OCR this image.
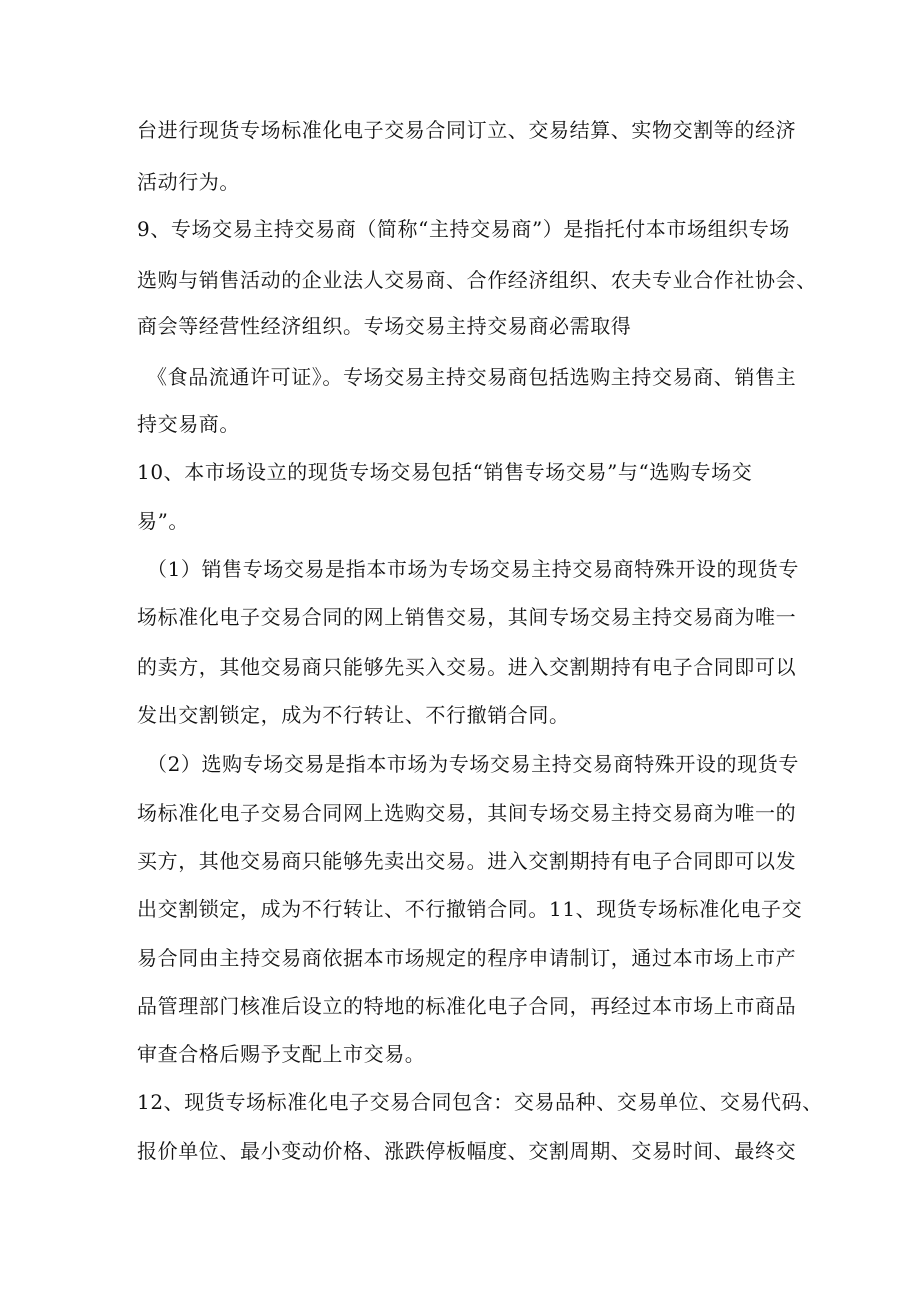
台进行现货专场标准化电子交易合同订立、交易结算、实物交割等的经济
活动行为。
9、专场交易主持交易商（简称“主持交易商”）是指托付本市场组织专场
选购与销售活动的企业法人交易商、合作经济组织、农夫专业合作社协会、
商会等经营性经济组织。专场交易主持交易商必需取得
《食品流通许可证》。专场交易主持交易商包括选购主持交易商、销售主
持交易商。
10、本市场设立的现货专场交易包括“销售专场交易”与“选购专场交
易”。
（1）销售专场交易是指本市场为专场交易主持交易商特殊开设的现货专
场标准化电子交易合同的网上销售交易，其间专场交易主持交易商为唯一
的卖方，其他交易商只能够先买入交易。进入交割期持有电子合同即可以
发出交割锁定，成为不行转让、不行撤销合同。
（2）选购专场交易是指本市场为专场交易主持交易商特殊开设的现货专
场标准化电子交易合同网上选购交易，其间专场交易主持交易商为唯一的
买方，其他交易商只能够先卖出交易。进入交割期持有电子合同即可以发
出交割锁定，成为不行转让、不行撤销合同。11、现货专场标准化电子交
易合同由主持交易商依据本市场规定的程序申请制订，通过本市场上市产
品管理部门核准后设立的特地的标准化电子合同，再经过本市场上市商品
审查合格后赐予支配上市交易。
12、现货专场标准化电子交易合同包含：交易品种、交易单位、交易代码、
报价单位、最小变动价格、涨跌停板幅度、交割周期、交易时间、最终交
